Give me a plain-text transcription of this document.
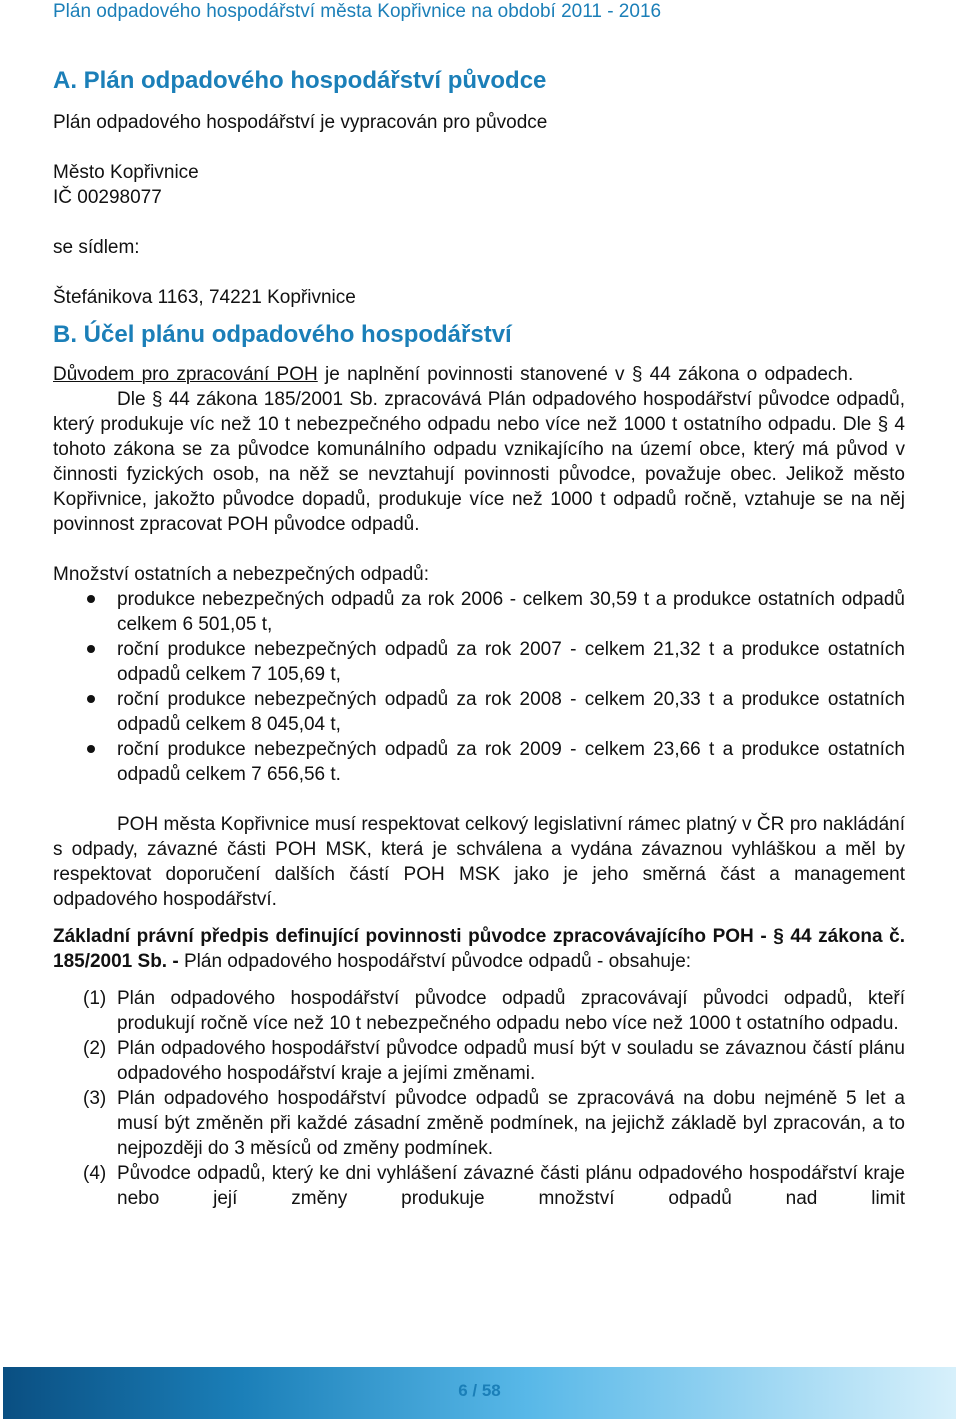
Plán odpadového hospodářství města Kopřivnice na období 2011 - 2016
A. Plán odpadového hospodářství původce
Plán odpadového hospodářství je vypracován pro původce
Město Kopřivnice
IČ 00298077
se sídlem:
Štefánikova 1163, 74221 Kopřivnice
B. Účel plánu odpadového hospodářství
Důvodem pro zpracování POH je naplnění povinnosti stanovené v § 44 zákona o odpadech.
Dle § 44 zákona 185/2001 Sb. zpracovává Plán odpadového hospodářství původce odpadů, který produkuje víc než 10 t nebezpečného odpadu nebo více než 1000 t ostatního odpadu. Dle § 4 tohoto zákona se za původce komunálního odpadu vznikajícího na území obce, který má původ v činnosti fyzických osob, na něž se nevztahují povinnosti původce, považuje obec. Jelikož město Kopřivnice, jakožto původce dopadů, produkuje více než 1000 t odpadů ročně, vztahuje se na něj povinnost zpracovat POH původce odpadů.
Množství ostatních a nebezpečných odpadů:
produkce nebezpečných odpadů za rok 2006 - celkem 30,59 t a produkce ostatních odpadů celkem 6 501,05 t,
roční produkce nebezpečných odpadů za rok 2007 - celkem 21,32 t a produkce ostatních odpadů celkem 7 105,69 t,
roční produkce nebezpečných odpadů za rok 2008 - celkem 20,33 t a produkce ostatních odpadů celkem 8 045,04 t,
roční produkce nebezpečných odpadů za rok 2009 - celkem 23,66 t a produkce ostatních odpadů celkem 7 656,56 t.
POH města Kopřivnice musí respektovat celkový legislativní rámec platný v ČR pro nakládání s odpady, závazné části POH MSK, která je schválena a vydána závaznou vyhláškou a měl by respektovat doporučení dalších částí POH MSK jako je jeho směrná část a management odpadového hospodářství.
Základní právní předpis definující povinnosti původce zpracovávajícího POH - § 44 zákona č. 185/2001 Sb. - Plán odpadového hospodářství původce odpadů - obsahuje:
(1) Plán odpadového hospodářství původce odpadů zpracovávají původci odpadů, kteří produkují ročně více než 10 t nebezpečného odpadu nebo více než 1000 t ostatního odpadu.
(2) Plán odpadového hospodářství původce odpadů musí být v souladu se závaznou částí plánu odpadového hospodářství kraje a jejími změnami.
(3) Plán odpadového hospodářství původce odpadů se zpracovává na dobu nejméně 5 let a musí být změněn při každé zásadní změně podmínek, na jejichž základě byl zpracován, a to nejpozději do 3 měsíců od změny podmínek.
(4) Původce odpadů, který ke dni vyhlášení závazné části plánu odpadového hospodářství kraje nebo její změny produkuje množství odpadů nad limit
6 / 58
